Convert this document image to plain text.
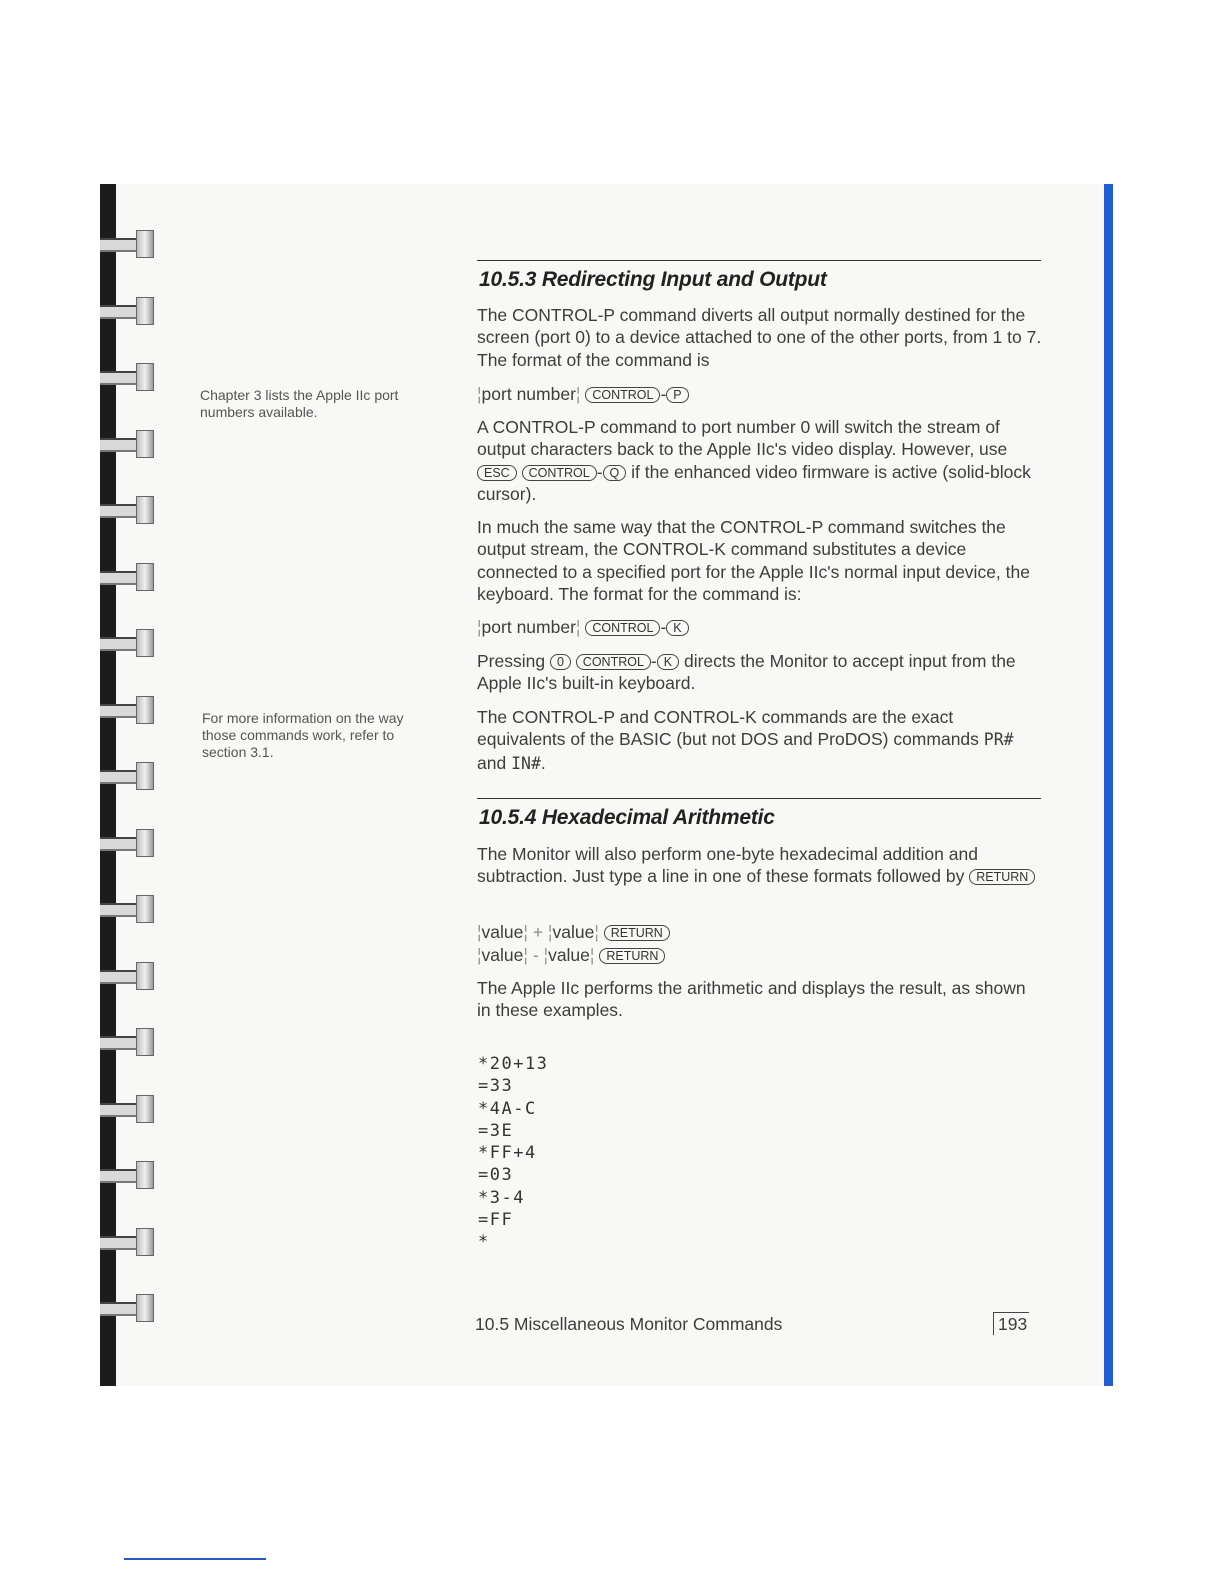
Chapter 3 lists the Apple IIc port numbers available.
For more information on the way those commands work, refer to section 3.1.
10.5.3 Redirecting Input and Output
The CONTROL-P command diverts all output normally destined for the screen (port 0) to a device attached to one of the other ports, from 1 to 7. The format of the command is
¦port number¦ CONTROL - P
A CONTROL-P command to port number 0 will switch the stream of output characters back to the Apple IIc's video display. However, use ESC CONTROL - Q if the enhanced video firmware is active (solid-block cursor).
In much the same way that the CONTROL-P command switches the output stream, the CONTROL-K command substitutes a device connected to a specified port for the Apple IIc's normal input device, the keyboard. The format for the command is:
¦port number¦ CONTROL - K
Pressing 0 CONTROL - K directs the Monitor to accept input from the Apple IIc's built-in keyboard.
The CONTROL-P and CONTROL-K commands are the exact equivalents of the BASIC (but not DOS and ProDOS) commands PR# and IN#.
10.5.4 Hexadecimal Arithmetic
The Monitor will also perform one-byte hexadecimal addition and subtraction. Just type a line in one of these formats followed by RETURN
¦value¦ + ¦value¦ RETURN
¦value¦ - ¦value¦ RETURN
The Apple IIc performs the arithmetic and displays the result, as shown in these examples.
*20+13
=33
*4A-C
=3E
*FF+4
=03
*3-4
=FF
*
10.5 Miscellaneous Monitor Commands	193
